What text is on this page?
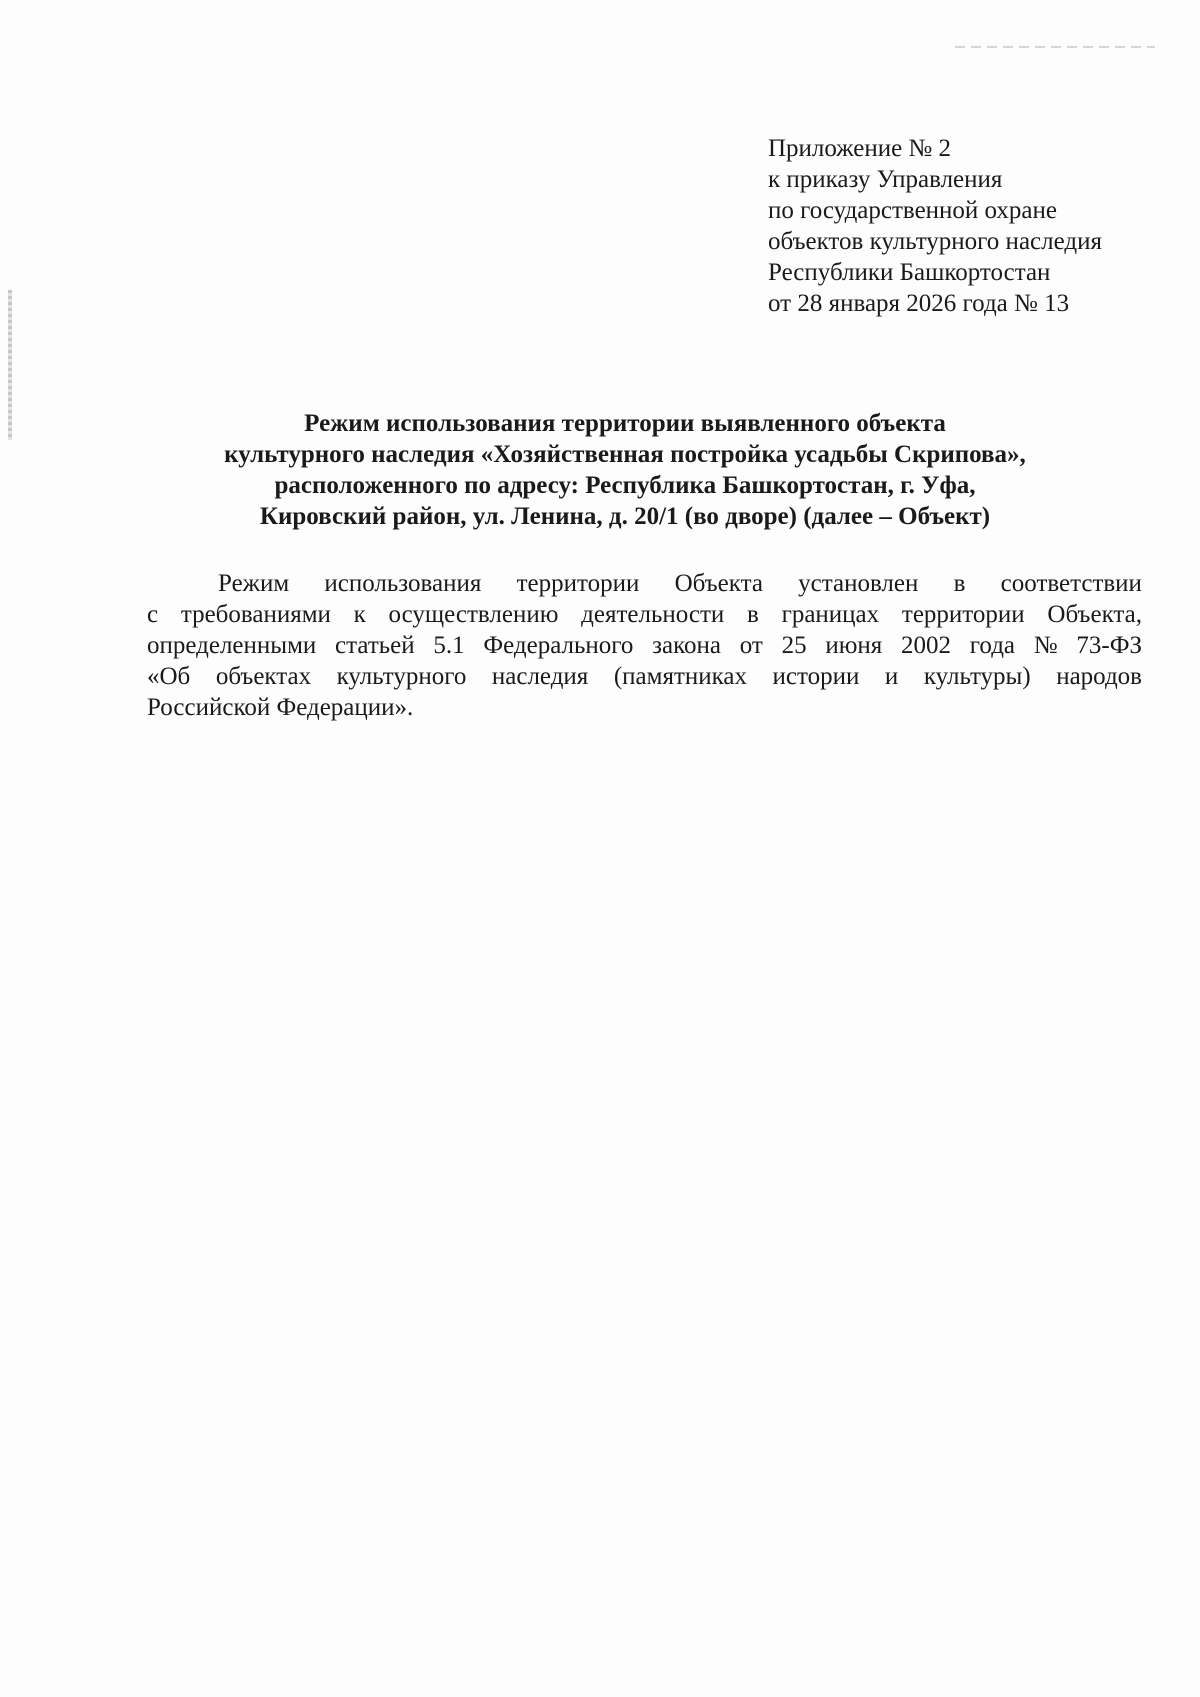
Приложение № 2
к приказу Управления
по государственной охране
объектов культурного наследия
Республики Башкортостан
от 28 января 2026 года № 13
Режим использования территории выявленного объекта
культурного наследия «Хозяйственная постройка усадьбы Скрипова»,
расположенного по адресу: Республика Башкортостан, г. Уфа,
Кировский район, ул. Ленина, д. 20/1 (во дворе) (далее – Объект)
Режим использования территории Объекта установлен в соответствии
с требованиями к осуществлению деятельности в границах территории Объекта,
определенными статьей 5.1 Федерального закона от 25 июня 2002 года № 73-ФЗ
«Об объектах культурного наследия (памятниках истории и культуры) народов
Российской Федерации».
